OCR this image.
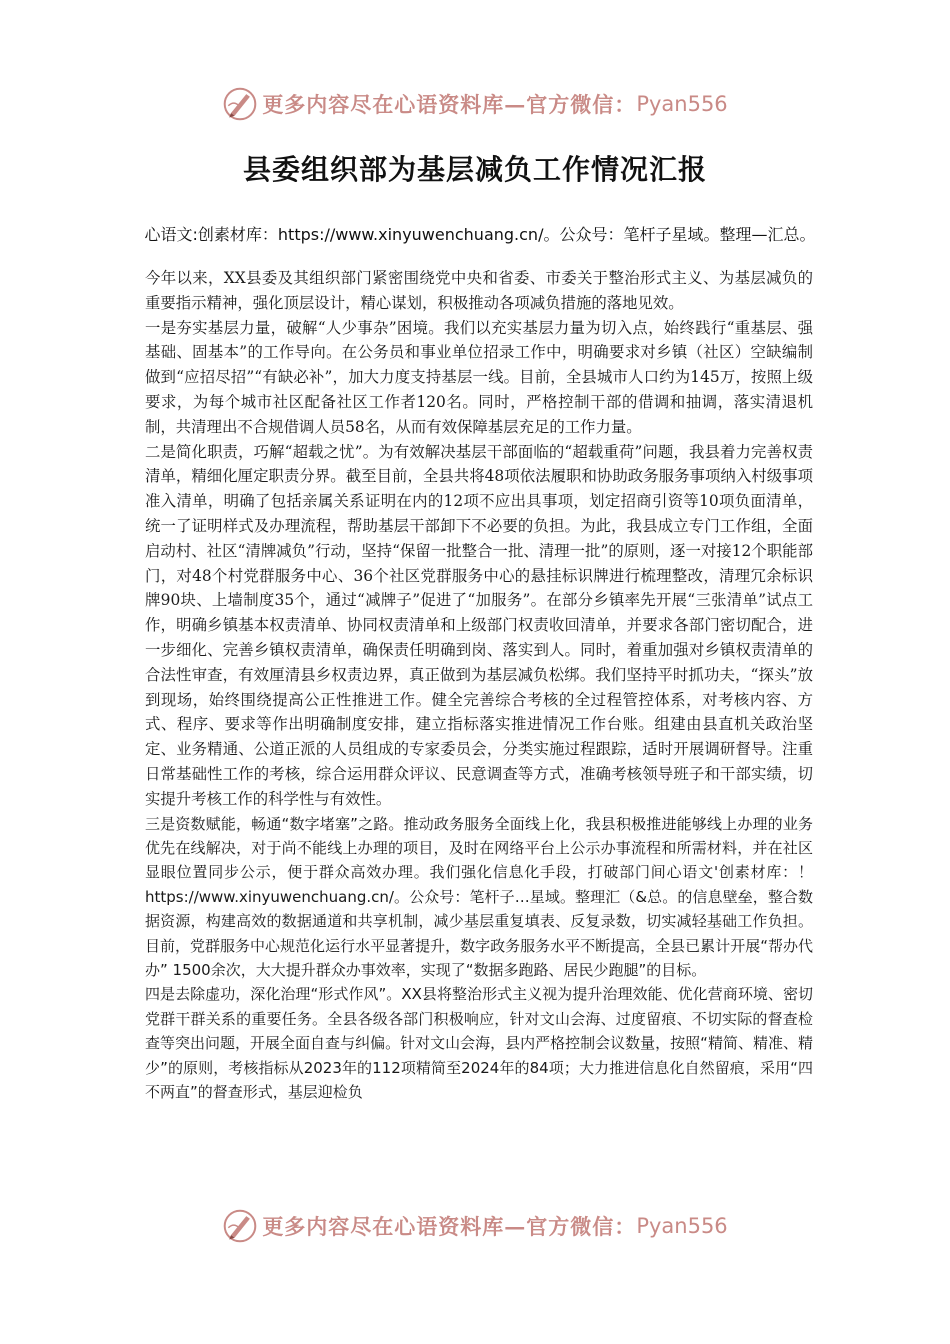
更多内容尽在心语资料库—官方微信： Pyan556
县委组织部为基层减负工作情况汇报
心语文:创素材库：https://www.xinyuwenchuang.cn/。公众号：笔杆子星域。整理—汇总。

今年以来，XX县委及其组织部门紧密围绕党中央和省委、市委关于整治形式主义、为基层减负的重要指示精神，强化顶层设计，精心谋划，积极推动各项减负措施的落地见效。

一是夯实基层力量，破解“人少事杂”困境。我们以充实基层力量为切入点，始终践行“重基层、强基础、固基本”的工作导向。在公务员和事业单位招录工作中，明确要求对乡镇（社区）空缺编制做到“应招尽招”“有缺必补”，加大力度支持基层一线。目前，全县城市人口约为145万，按照上级要求，为每个城市社区配备社区工作者120名。同时，严格控制干部的借调和抽调，落实清退机制，共清理出不合规借调人员58名，从而有效保障基层充足的工作力量。

二是简化职责，巧解“超载之忧”。为有效解决基层干部面临的“超载重荷”问题，我县着力完善权责清单，精细化厘定职责分界。截至目前，全县共将48项依法履职和协助政务服务事项纳入村级事项准入清单，明确了包括亲属关系证明在内的12项不应出具事项，划定招商引资等10项负面清单，统一了证明样式及办理流程，帮助基层干部卸下不必要的负担。为此，我县成立专门工作组，全面启动村、社区“清牌减负”行动，坚持“保留一批整合一批、清理一批”的原则，逐一对接12个职能部门，对48个村党群服务中心、36个社区党群服务中心的悬挂标识牌进行梳理整改，清理冗余标识牌90块、上墙制度35个，通过“减牌子”促进了“加服务”。在部分乡镇率先开展“三张清单”试点工作，明确乡镇基本权责清单、协同权责清单和上级部门权责收回清单，并要求各部门密切配合，进一步细化、完善乡镇权责清单，确保责任明确到岗、落实到人。同时，着重加强对乡镇权责清单的合法性审查，有效厘清县乡权责边界，真正做到为基层减负松绑。我们坚持平时抓功夫，“探头”放到现场，始终围绕提高公正性推进工作。健全完善综合考核的全过程管控体系，对考核内容、方式、程序、要求等作出明确制度安排，建立指标落实推进情况工作台账。组建由县直机关政治坚定、业务精通、公道正派的人员组成的专家委员会，分类实施过程跟踪，适时开展调研督导。注重日常基础性工作的考核，综合运用群众评议、民意调查等方式，准确考核领导班子和干部实绩，切实提升考核工作的科学性与有效性。

三是资数赋能，畅通“数字堵塞”之路。推动政务服务全面线上化，我县积极推进能够线上办理的业务优先在线解决，对于尚不能线上办理的项目，及时在网络平台上公示办事流程和所需材料，并在社区显眼位置同步公示，便于群众高效办理。我们强化信息化手段，打破部门间心语文'创素材库：！ https://www.xinyuwenchuang.cn/。公众号：笔杆子…星域。整理汇（&总。的信息壁垒，整合数据资源，构建高效的数据通道和共享机制，减少基层重复填表、反复录数，切实减轻基础工作负担。目前，党群服务中心规范化运行水平显著提升，数字政务服务水平不断提高，全县已累计开展“帮办代办” 1500余次，大大提升群众办事效率，实现了“数据多跑路、居民少跑腿”的目标。

四是去除虚功，深化治理“形式作风”。XX县将整治形式主义视为提升治理效能、优化营商环境、密切党群干群关系的重要任务。全县各级各部门积极响应，针对文山会海、过度留痕、不切实际的督查检查等突出问题，开展全面自查与纠偏。针对文山会海，县内严格控制会议数量，按照“精简、精准、精少”的原则，考核指标从2023年的112项精简至2024年的84项；大力推进信息化自然留痕，采用“四不两直”的督查形式，基层迎检负

更多内容尽在心语资料库—官方微信： Pyan556
